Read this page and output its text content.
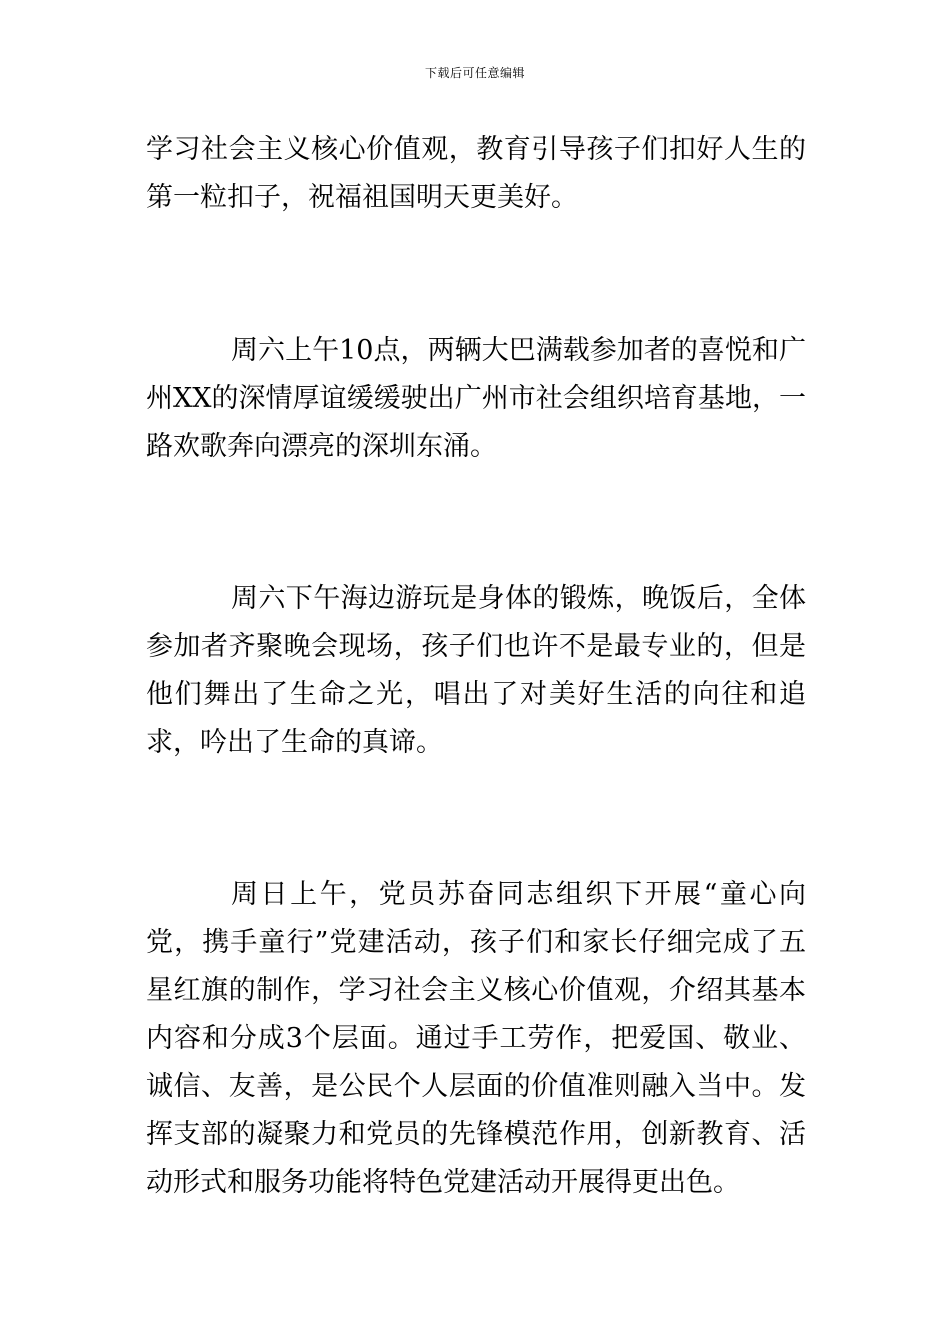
下载后可任意编辑

学习社会主义核心价值观，教育引导孩子们扣好人生的第一粒扣子，祝福祖国明天更美好。

周六上午10点，两辆大巴满载参加者的喜悦和广州XX的深情厚谊缓缓驶出广州市社会组织培育基地，一路欢歌奔向漂亮的深圳东涌。

周六下午海边游玩是身体的锻炼，晚饭后，全体参加者齐聚晚会现场，孩子们也许不是最专业的，但是他们舞出了生命之光，唱出了对美好生活的向往和追求，吟出了生命的真谛。

周日上午，党员苏奋同志组织下开展“童心向党，携手童行”党建活动，孩子们和家长仔细完成了五星红旗的制作，学习社会主义核心价值观，介绍其基本内容和分成3个层面。通过手工劳作，把爱国、敬业、诚信、友善，是公民个人层面的价值准则融入当中。发挥支部的凝聚力和党员的先锋模范作用，创新教育、活动形式和服务功能将特色党建活动开展得更出色。
